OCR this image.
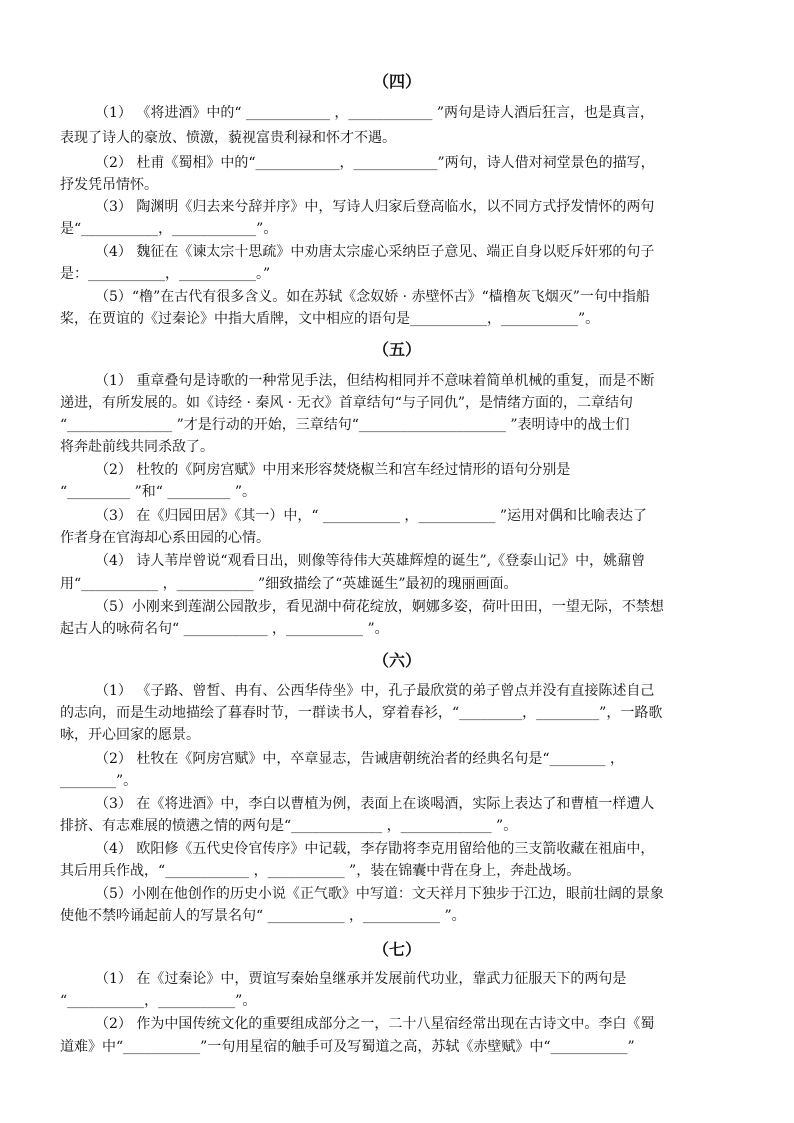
（四）
（1） 《将进酒》中的“ ____________ ，____________ ”两句是诗人酒后狂言，也是真言，
表现了诗人的豪放、愤激，藐视富贵利禄和怀才不遇。
（2） 杜甫《蜀相》中的“____________，____________”两句，诗人借对祠堂景色的描写，
抒发凭吊情怀。
（3） 陶渊明《归去来兮辞并序》中，写诗人归家后登高临水，以不同方式抒发情怀的两句
是“___________，____________”。
（4） 魏征在《谏太宗十思疏》中劝唐太宗虚心采纳臣子意见、端正自身以贬斥奸邪的句子
是：___________，___________。”
（5）“橹”在古代有很多含义。如在苏轼《念奴娇 · 赤壁怀古》“樯橹灰飞烟灭”一句中指船
桨，在贾谊的《过秦论》中指大盾牌，文中相应的语句是___________，___________”。
（五）
（1） 重章叠句是诗歌的一种常见手法，但结构相同并不意味着简单机械的重复，而是不断
递进，有所发展的。如《诗经 · 秦风 · 无衣》首章结句“与子同仇”，是情绪方面的，二章结句
“_______________ ”才是行动的开始，三章结句“_____________________ ”表明诗中的战士们
将奔赴前线共同杀敌了。
（2） 杜牧的《阿房宫赋》中用来形容焚烧椒兰和宫车经过情形的语句分别是
“_________ ”和“ _________ ”。
（3） 在《归园田居》《其一）中，“ ___________ ，___________ ”运用对偶和比喻表达了
作者身在官海却心系田园的心情。
（4） 诗人苇岸曾说“观看日出，则像等待伟大英雄辉煌的诞生”,《登泰山记》中，姚鼐曾
用“___________ ，___________ ”细致描绘了“英雄诞生”最初的瑰丽画面。
（5）小刚来到莲湖公园散步，看见湖中荷花绽放，婀娜多姿，荷叶田田，一望无际，不禁想
起古人的咏荷名句“ ____________ ，___________ ”。
（六）
（1） 《子路、曾皙、冉有、公西华侍坐》中，孔子最欣赏的弟子曾点并没有直接陈述自己
的志向，而是生动地描绘了暮春时节，一群读书人，穿着春衫，“_________，_________”，一路歌
咏，开心回家的愿景。
（2） 杜牧在《阿房宫赋》中，卒章显志，告诫唐朝统治者的经典名句是“________ ，
________”。
（3） 在《将进酒》中，李白以曹植为例，表面上在谈喝酒，实际上表达了和曹植一样遭人
排挤、有志难展的愤懑之情的两句是“_____________ ，_____________ ”。
（4） 欧阳修《五代史伶官传序》中记载，李存勖将李克用留给他的三支箭收藏在祖庙中，
其后用兵作战，“____________ ，___________ ”，装在锦囊中背在身上，奔赴战场。
（5）小刚在他创作的历史小说《正气歌》中写道：文天祥月下独步于江边，眼前壮阔的景象
使他不禁吟诵起前人的写景名句“ ___________ ，___________ ”。
（七）
（1） 在《过秦论》中，贾谊写秦始皇继承并发展前代功业，靠武力征服天下的两句是
“___________，___________”。
（2） 作为中国传统文化的重要组成部分之一，二十八星宿经常出现在古诗文中。李白《蜀
道难》中“___________”一句用星宿的触手可及写蜀道之高，苏轼《赤壁赋》中“___________”
